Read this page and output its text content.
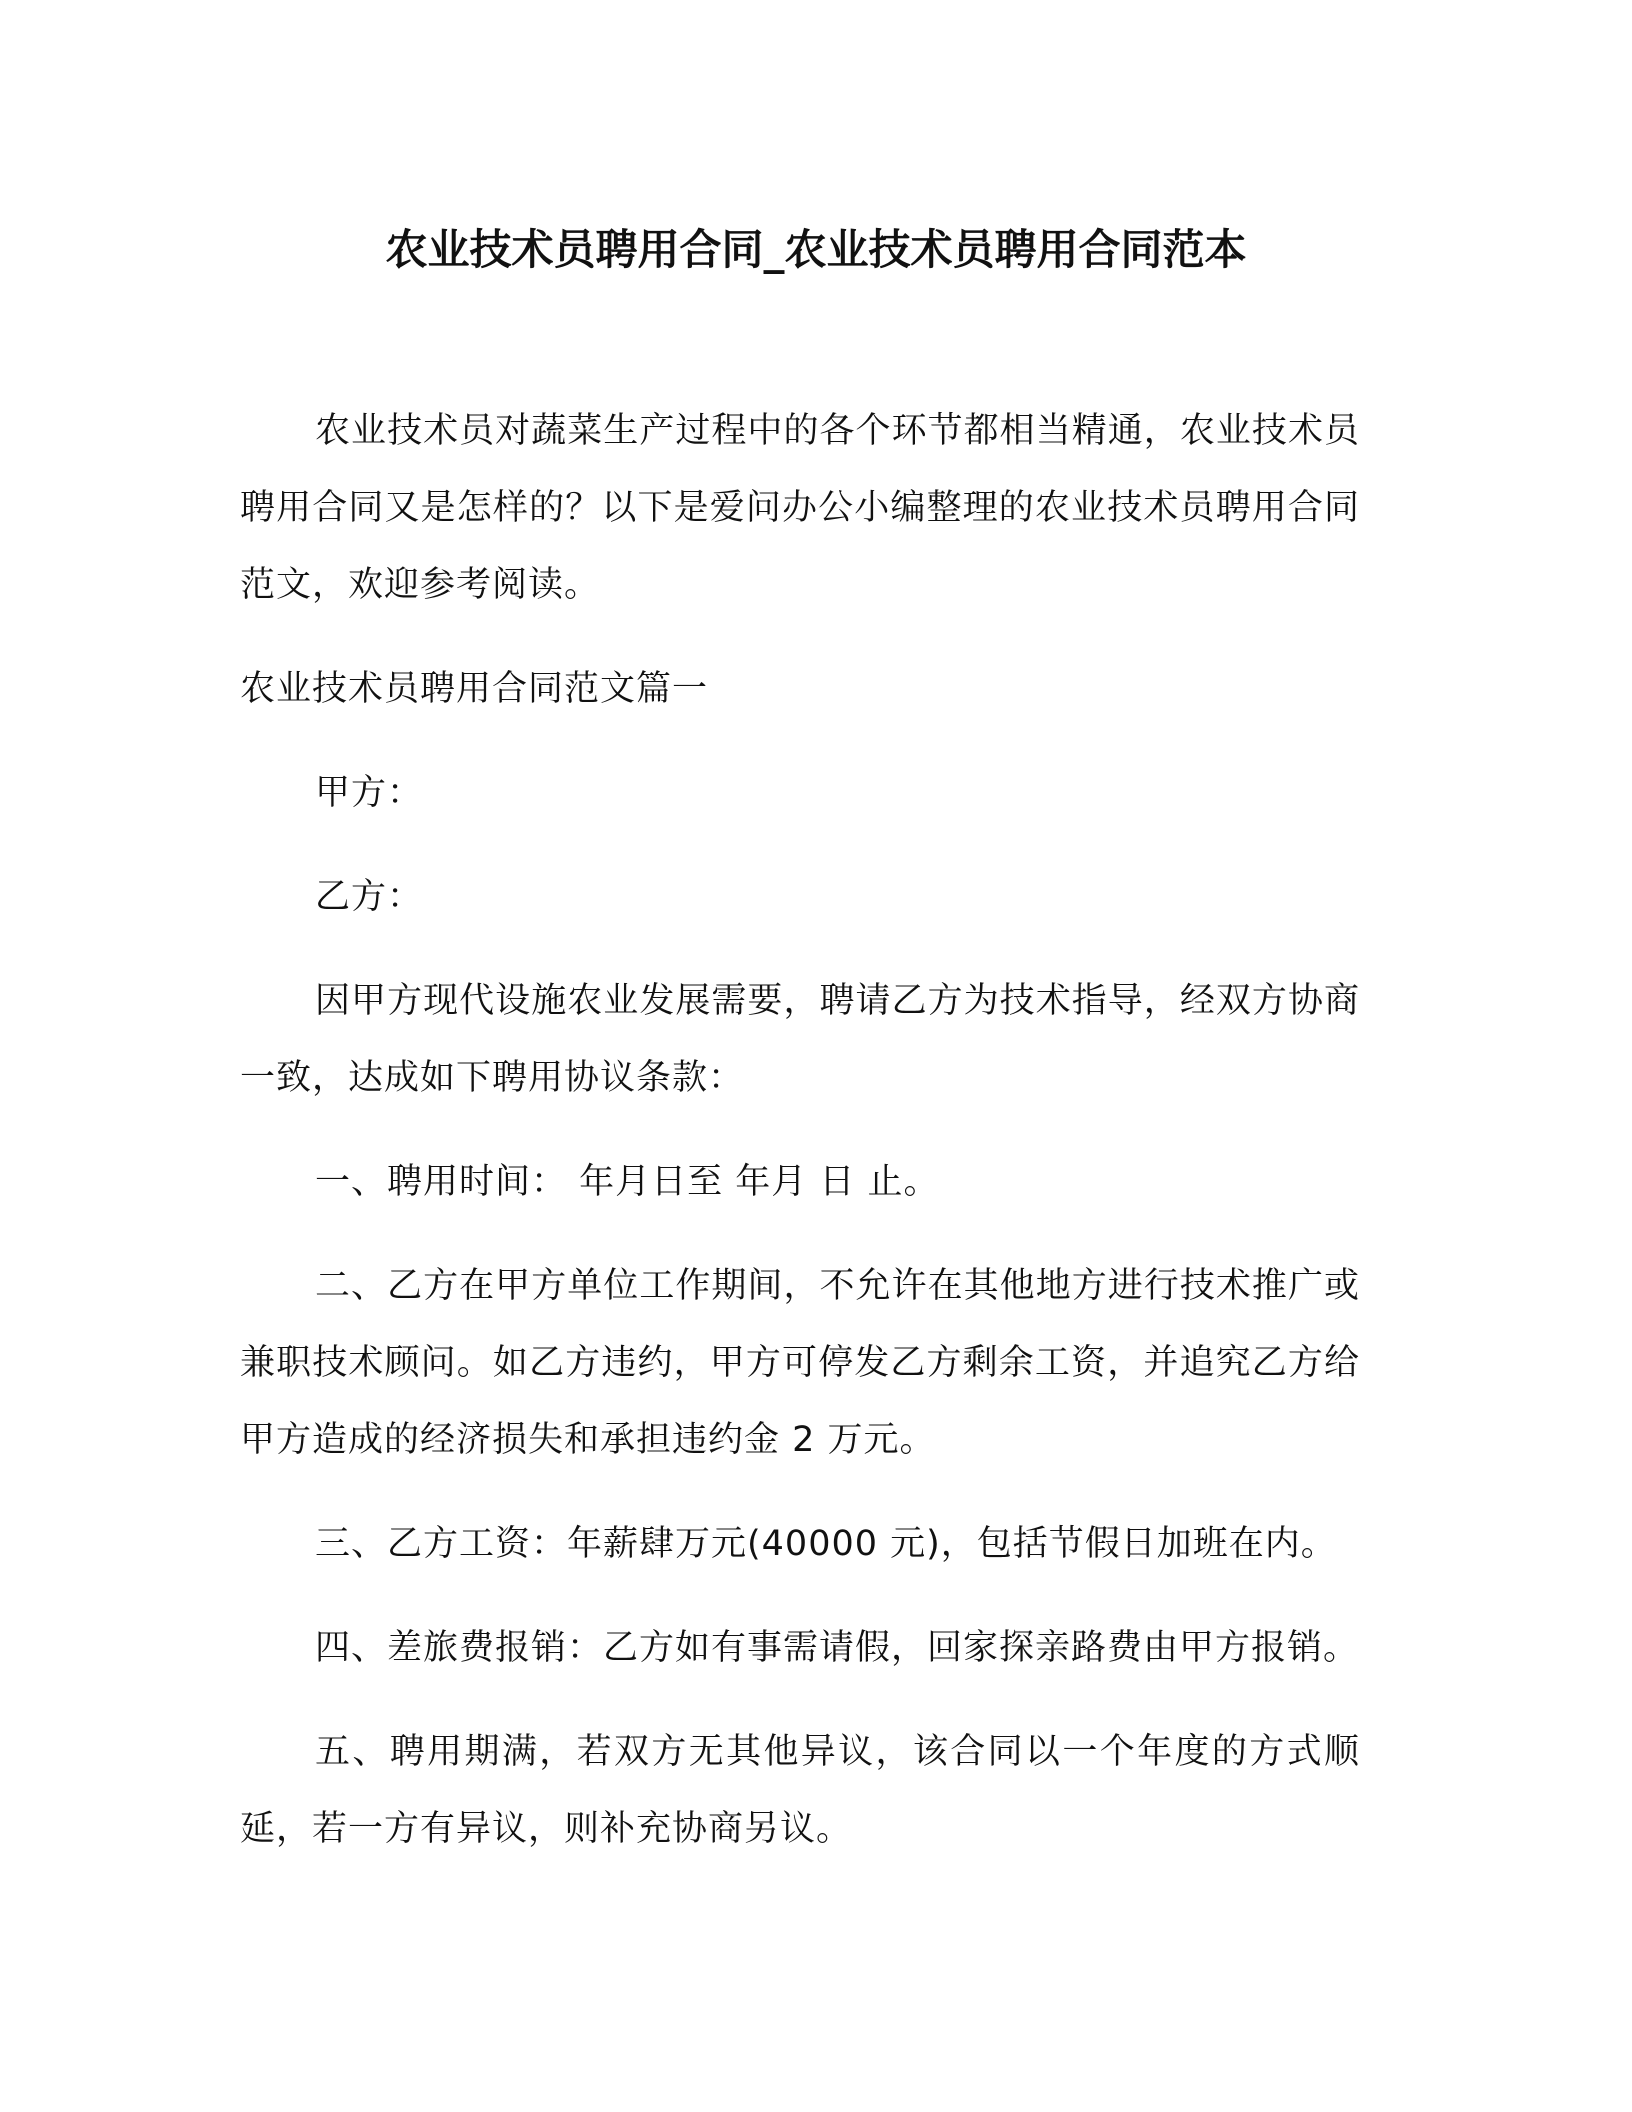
农业技术员聘用合同_农业技术员聘用合同范本

农业技术员对蔬菜生产过程中的各个环节都相当精通，农业技术员聘用合同又是怎样的？以下是爱问办公小编整理的农业技术员聘用合同范文，欢迎参考阅读。

农业技术员聘用合同范文篇一

甲方：

乙方：

因甲方现代设施农业发展需要，聘请乙方为技术指导，经双方协商一致，达成如下聘用协议条款：

一、聘用时间： 年月日至 年月 日 止。

二、乙方在甲方单位工作期间，不允许在其他地方进行技术推广或兼职技术顾问。如乙方违约，甲方可停发乙方剩余工资，并追究乙方给甲方造成的经济损失和承担违约金 2 万元。

三、乙方工资：年薪肆万元(40000 元)，包括节假日加班在内。

四、差旅费报销：乙方如有事需请假，回家探亲路费由甲方报销。

五、聘用期满，若双方无其他异议，该合同以一个年度的方式顺延，若一方有异议，则补充协商另议。
